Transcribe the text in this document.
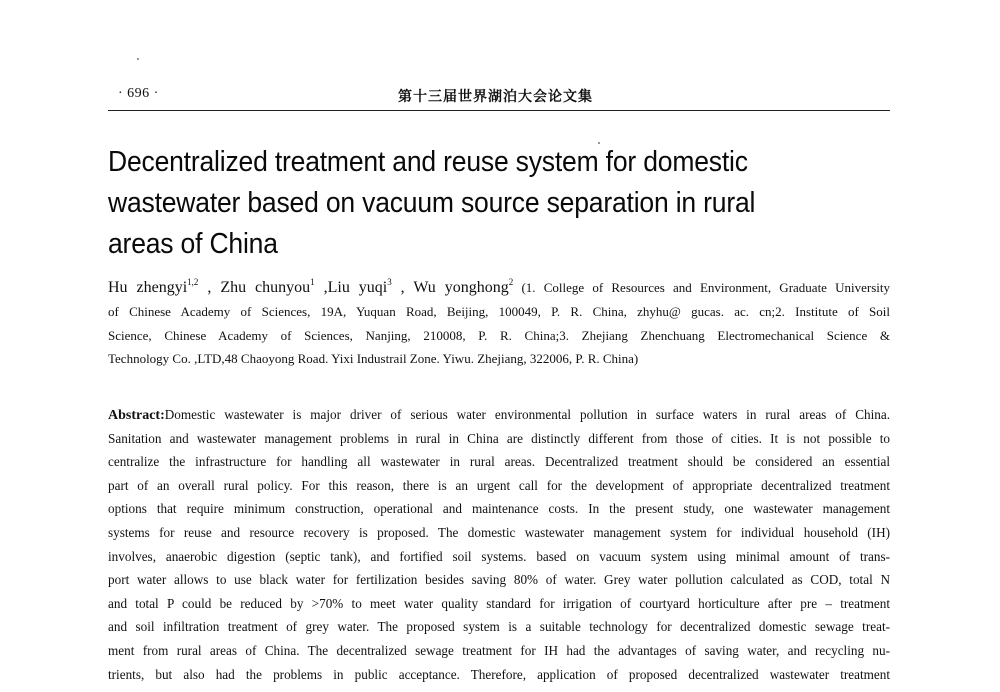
· 696 ·	第十三届世界湖泊大会论文集
Decentralized treatment and reuse system for domestic
wastewater based on vacuum source separation in rural
areas of China
Hu zhengyi$^{1,2}$ , Zhu chunyou$^1$ ,Liu yuqi$^3$ , Wu yonghong$^2$ (1. College of Resources and Environment, Graduate University
of Chinese Academy of Sciences, 19A, Yuquan Road, Beijing, 100049, P. R. China, zhyhu@ gucas. ac. cn;2. Institute of Soil
Science, Chinese Academy of Sciences, Nanjing, 210008, P. R. China;3. Zhejiang Zhenchuang Electromechanical Science &
Technology Co. ,LTD,48 Chaoyong Road. Yixi Industrail Zone. Yiwu. Zhejiang, 322006, P. R. China)
Abstract:Domestic wastewater is major driver of serious water environmental pollution in surface waters in rural areas of China.
Sanitation and wastewater management problems in rural in China are distinctly different from those of cities. It is not possible to
centralize the infrastructure for handling all wastewater in rural areas. Decentralized treatment should be considered an essential
part of an overall rural policy. For this reason, there is an urgent call for the development of appropriate decentralized treatment
options that require minimum construction, operational and maintenance costs. In the present study, one wastewater management
systems for reuse and resource recovery is proposed. The domestic wastewater management system for individual household (IH)
involves, anaerobic digestion (septic tank), and fortified soil systems. based on vacuum system using minimal amount of trans-
port water allows to use black water for fertilization besides saving 80% of water. Grey water pollution calculated as COD, total N
and total P could be reduced by >70% to meet water quality standard for irrigation of courtyard horticulture after pre – treatment
and soil infiltration treatment of grey water. The proposed system is a suitable technology for decentralized domestic sewage treat-
ment from rural areas of China. The decentralized sewage treatment for IH had the advantages of saving water, and recycling nu-
trients, but also had the problems in public acceptance. Therefore, application of proposed decentralized wastewater treatment
